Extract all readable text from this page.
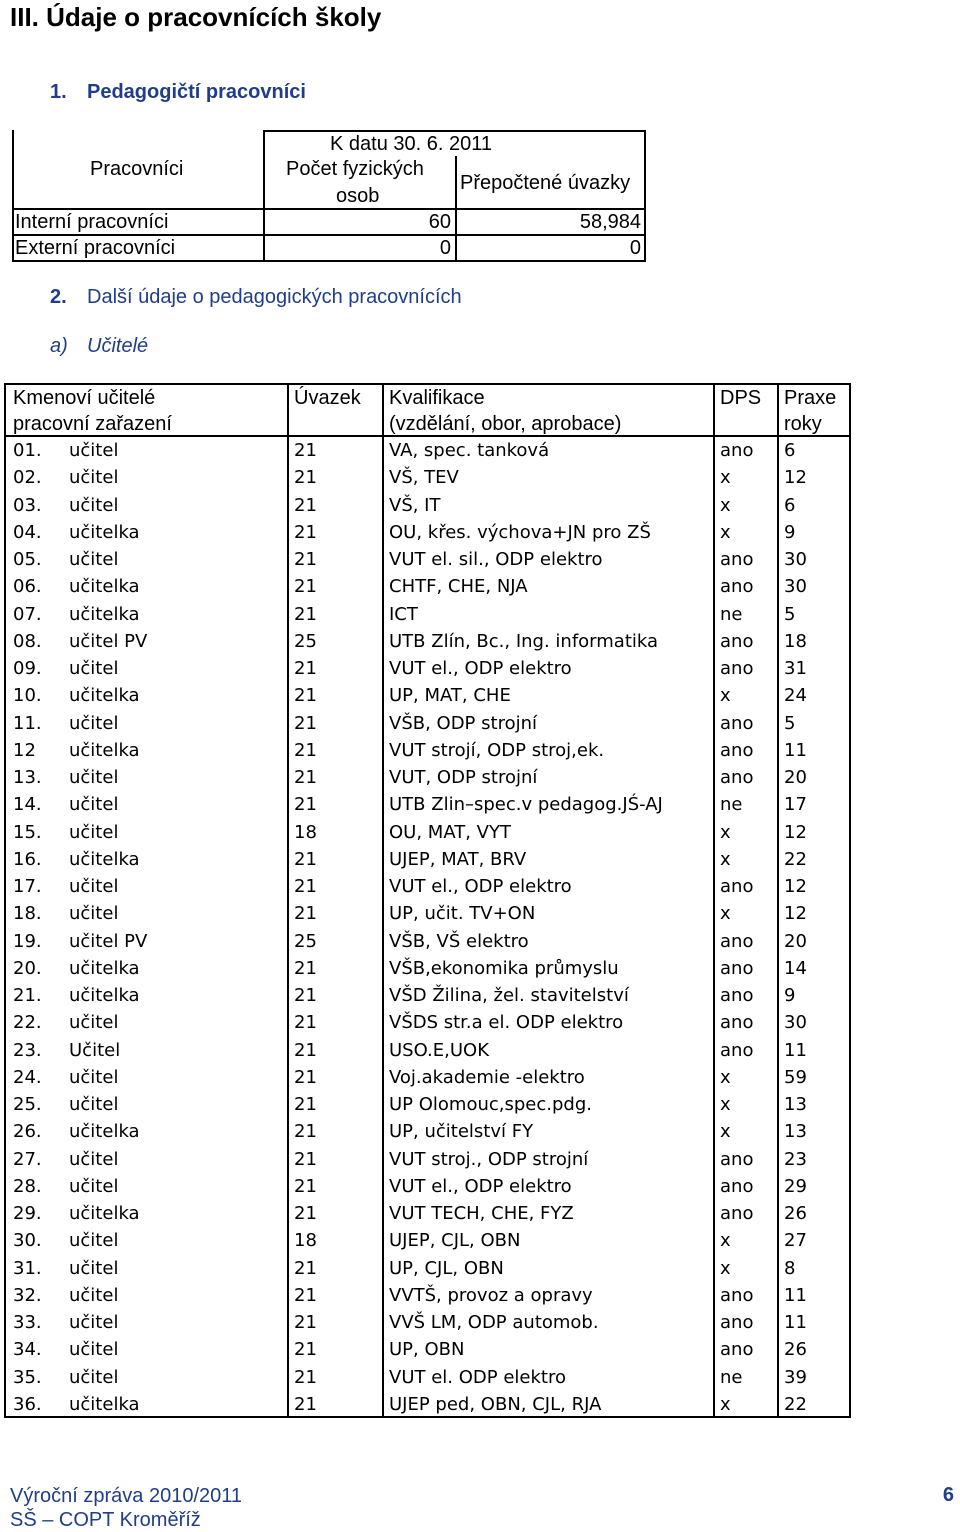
III. Údaje o pracovnících školy
1. Pedagogičtí pracovníci
K datu 30. 6. 2011
Pracovníci	Počet fyzických
osob
Přepočtené úvazky
Interní pracovníci	60	58,984
Externí pracovníci	0	0
2. Další údaje o pedagogických pracovnících
a) Učitelé
Kmenoví učitelé
pracovní zařazení
Úvazek Kvalifikace
(vzdělání, obor, aprobace)
DPS Praxe
roky
01. učitel	21	VA, spec. tanková	ano 6
02. učitel	21	VŠ, TEV	x	12
03. učitel	21	VŠ, IT	x	6
04. učitelka	21	OU, křes. výchova+JN pro ZŠ	x	9
05. učitel	21	VUT el. sil., ODP elektro	ano 30
06. učitelka	21	CHTF, CHE, NJA	ano 30
07. učitelka	21	ICT	ne 5
08. učitel PV	25	UTB Zlín, Bc., Ing. informatika	ano 18
09. učitel	21	VUT el., ODP elektro	ano 31
10. učitelka	21	UP, MAT, CHE	x	24
11. učitel	21	VŠB, ODP strojní	ano 5
12 učitelka	21	VUT strojí, ODP stroj,ek.	ano 11
13. učitel	21	VUT, ODP strojní	ano 20
14. učitel	21	UTB Zlin–spec.v pedagog.JŚ-AJ	ne 17
15. učitel	18	OU, MAT, VYT	x	12
16. učitelka	21	UJEP, MAT, BRV	x	22
17. učitel	21	VUT el., ODP elektro	ano 12
18. učitel	21	UP, učit. TV+ON	x	12
19. učitel PV	25	VŠB, VŠ elektro	ano 20
20. učitelka	21	VŠB,ekonomika průmyslu	ano 14
21. učitelka	21	VŠD Žilina, žel. stavitelství	ano 9
22. učitel	21	VŠDS str.a el. ODP elektro	ano 30
23. Učitel	21	USO.E,UOK	ano 11
24. učitel	21	Voj.akademie -elektro	x	59
25. učitel	21	UP Olomouc,spec.pdg.	x	13
26. učitelka	21	UP, učitelství FY	x	13
27. učitel	21	VUT stroj., ODP strojní	ano 23
28. učitel	21	VUT el., ODP elektro	ano 29
29. učitelka	21	VUT TECH, CHE, FYZ	ano 26
30. učitel	18	UJEP, CJL, OBN	x	27
31. učitel	21	UP, CJL, OBN	x	8
32. učitel	21	VVTŠ, provoz a opravy	ano 11
33. učitel	21	VVŠ LM, ODP automob.	ano 11
34. učitel	21	UP, OBN	ano 26
35. učitel	21	VUT el. ODP elektro	ne 39
36. učitelka	21	UJEP ped, OBN, CJL, RJA	x	22
Výroční zpráva 2010/2011
SŠ – COPT Kroměříž
6
